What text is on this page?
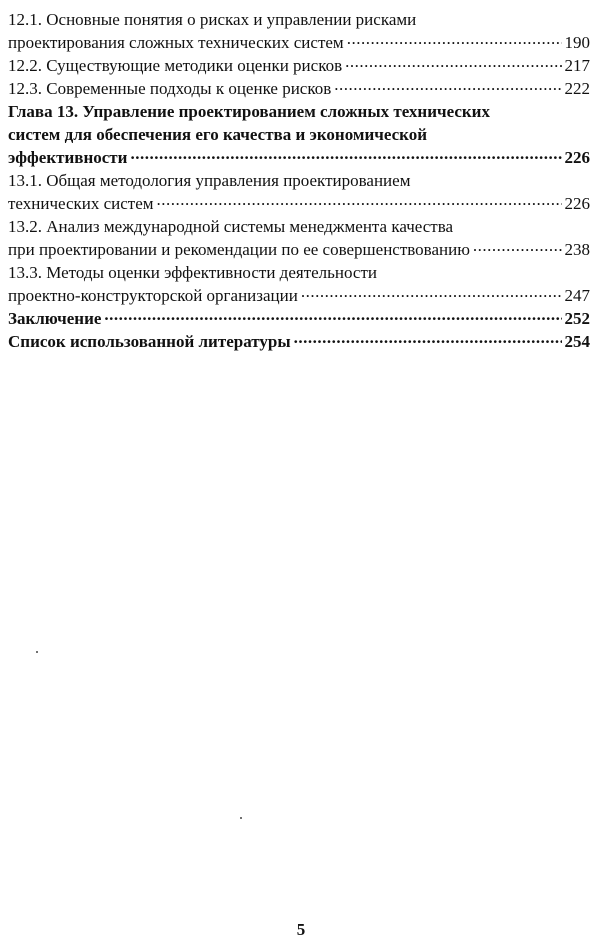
12.1. Основные понятия о рисках и управлении рисками
проектирования сложных технических систем .....	190
12.2. Существующие методики оценки рисков .....	217
12.3. Современные подходы к оценке рисков .....	222
Глава 13. Управление проектированием сложных технических
систем для обеспечения его качества и экономической
эффективности .....	226
13.1. Общая методология управления проектированием
технических систем .....	226
13.2. Анализ международной системы менеджмента качества
при проектировании и рекомендации по ее совершенствованию .....	238
13.3. Методы оценки эффективности деятельности
проектно-конструкторской организации .....	247
Заключение .....	252
Список использованной литературы .....	254
5
